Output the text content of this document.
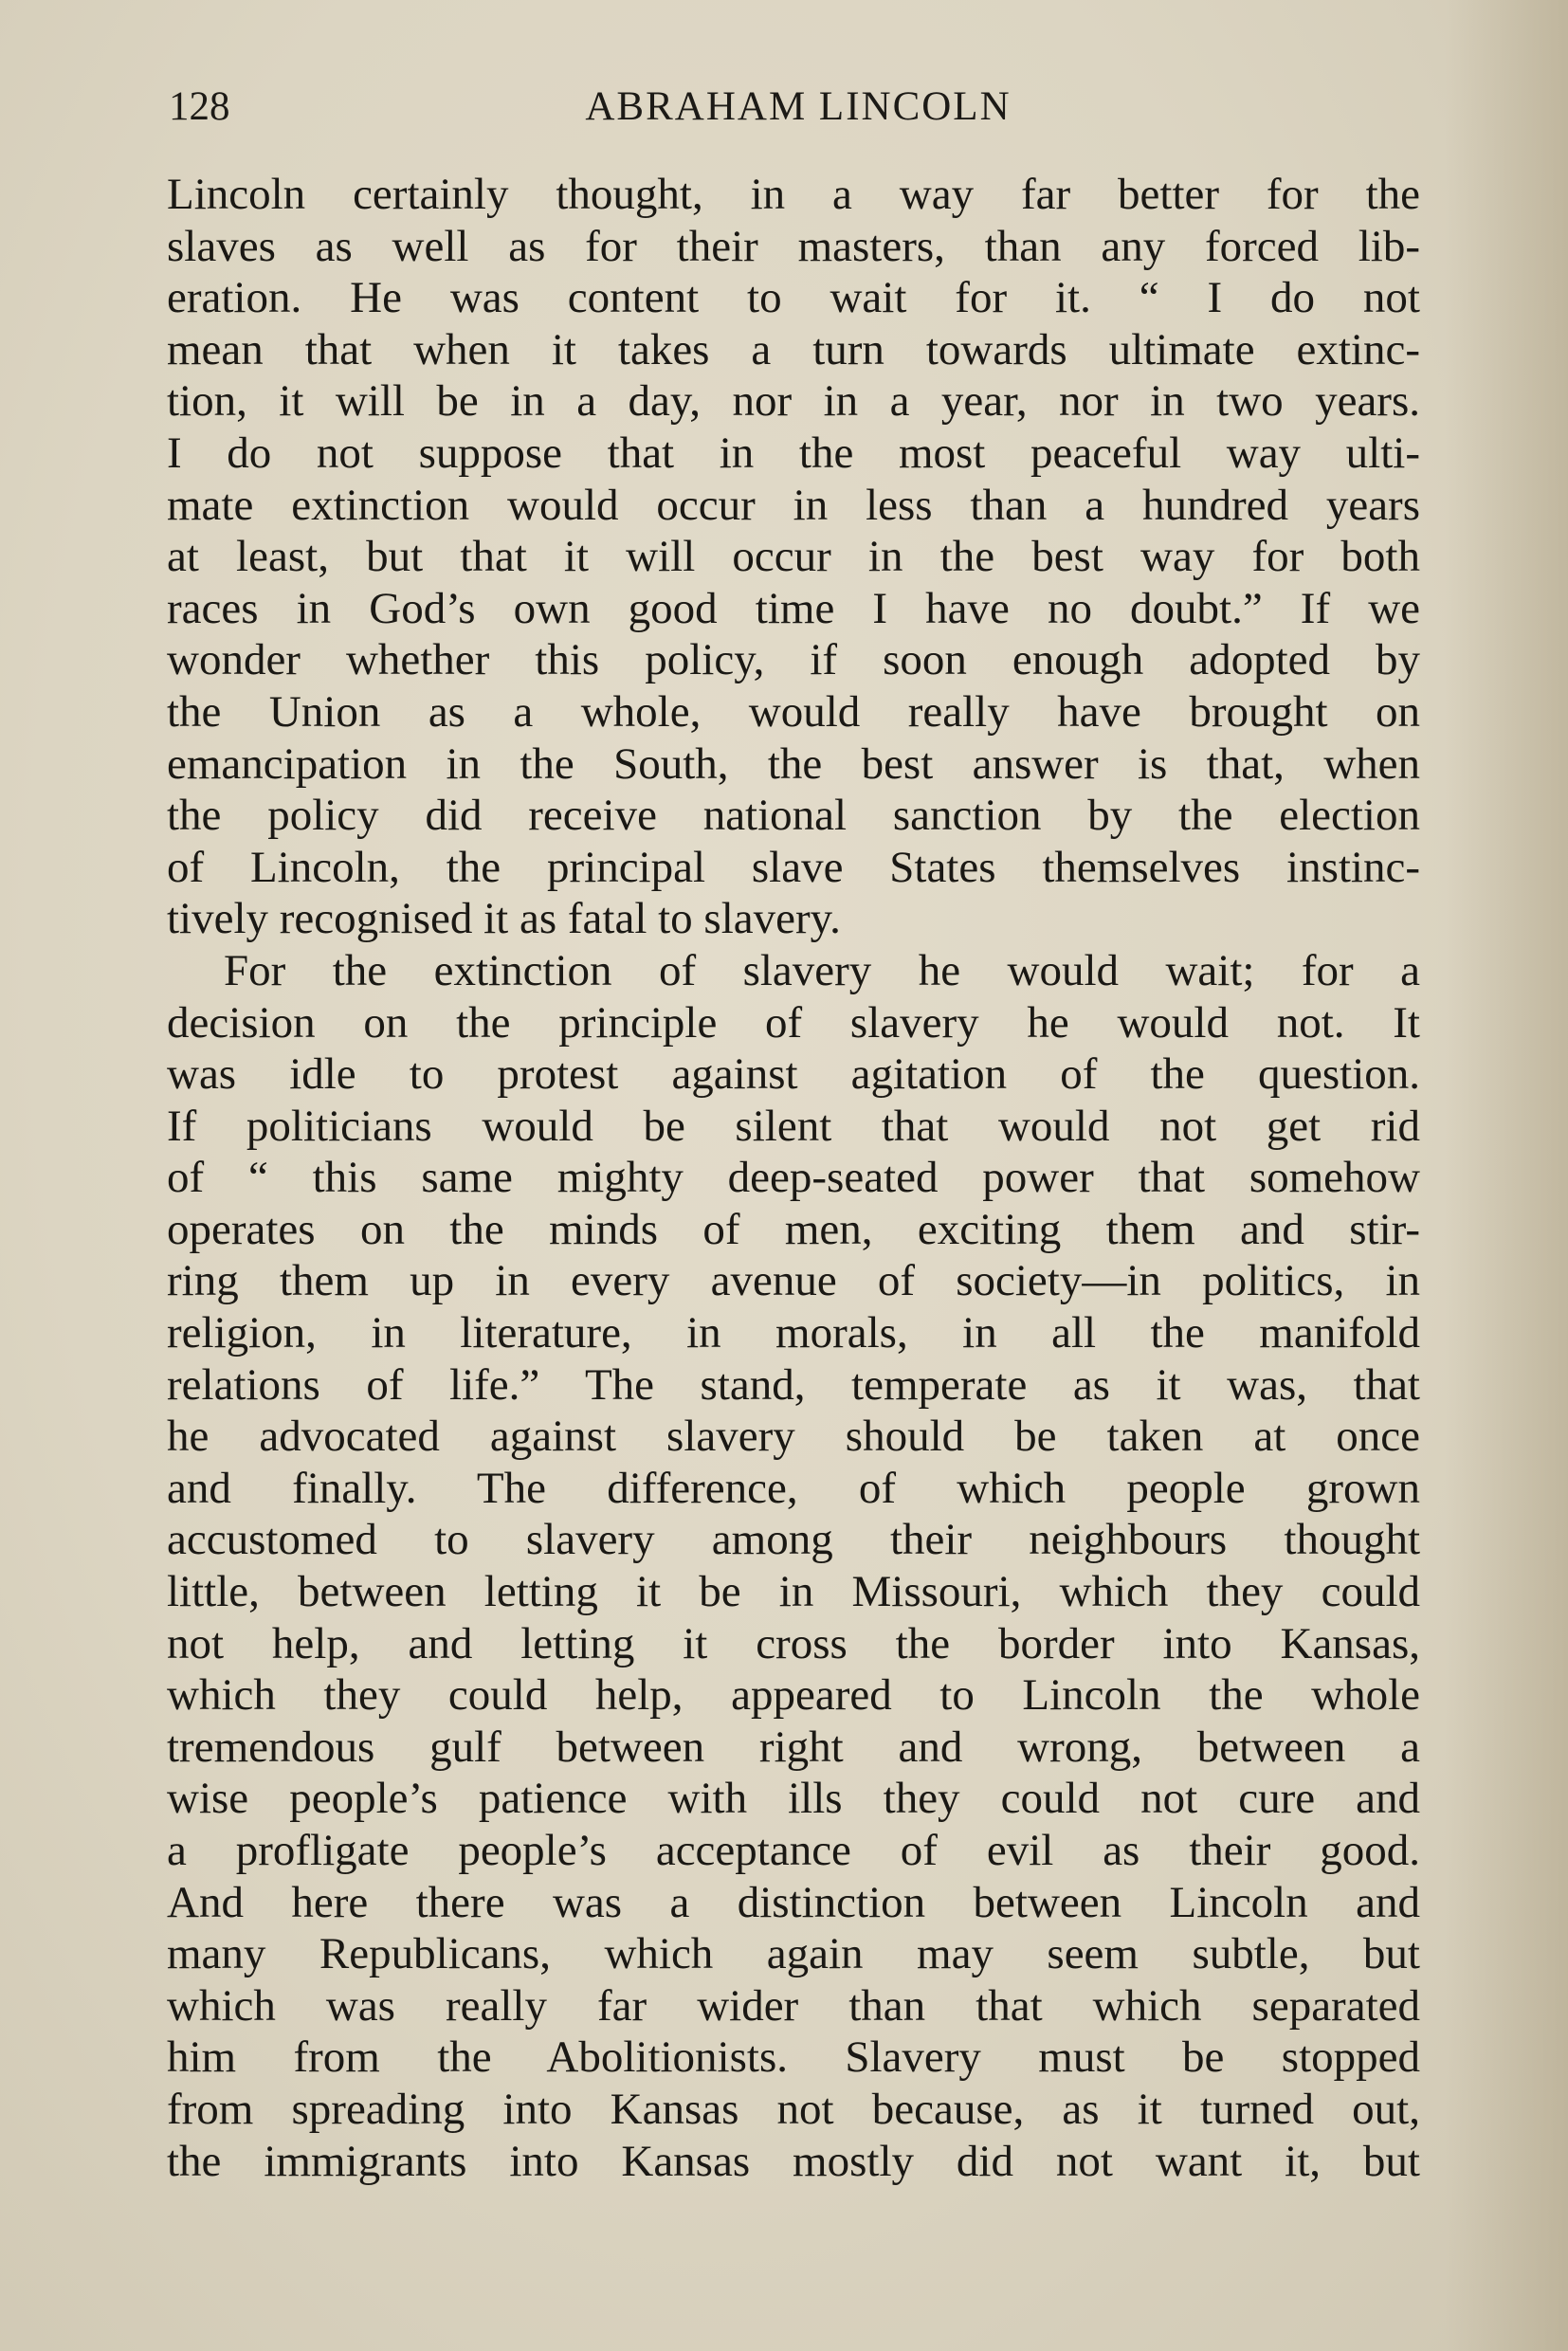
128	ABRAHAM LINCOLN
Lincoln certainly thought, in a way far better for the
slaves as well as for their masters, than any forced lib-
eration. He was content to wait for it. “ I do not
mean that when it takes a turn towards ultimate extinc-
tion, it will be in a day, nor in a year, nor in two years.
I do not suppose that in the most peaceful way ulti-
mate extinction would occur in less than a hundred years
at least, but that it will occur in the best way for both
races in God’s own good time I have no doubt.” If we
wonder whether this policy, if soon enough adopted by
the Union as a whole, would really have brought on
emancipation in the South, the best answer is that, when
the policy did receive national sanction by the election
of Lincoln, the principal slave States themselves instinc-
tively recognised it as fatal to slavery.
For the extinction of slavery he would wait; for a
decision on the principle of slavery he would not. It
was idle to protest against agitation of the question.
If politicians would be silent that would not get rid
of “ this same mighty deep-seated power that somehow
operates on the minds of men, exciting them and stir-
ring them up in every avenue of society—in politics, in
religion, in literature, in morals, in all the manifold
relations of life.” The stand, temperate as it was, that
he advocated against slavery should be taken at once
and finally. The difference, of which people grown
accustomed to slavery among their neighbours thought
little, between letting it be in Missouri, which they could
not help, and letting it cross the border into Kansas,
which they could help, appeared to Lincoln the whole
tremendous gulf between right and wrong, between a
wise people’s patience with ills they could not cure and
a profligate people’s acceptance of evil as their good.
And here there was a distinction between Lincoln and
many Republicans, which again may seem subtle, but
which was really far wider than that which separated
him from the Abolitionists. Slavery must be stopped
from spreading into Kansas not because, as it turned out,
the immigrants into Kansas mostly did not want it, but
